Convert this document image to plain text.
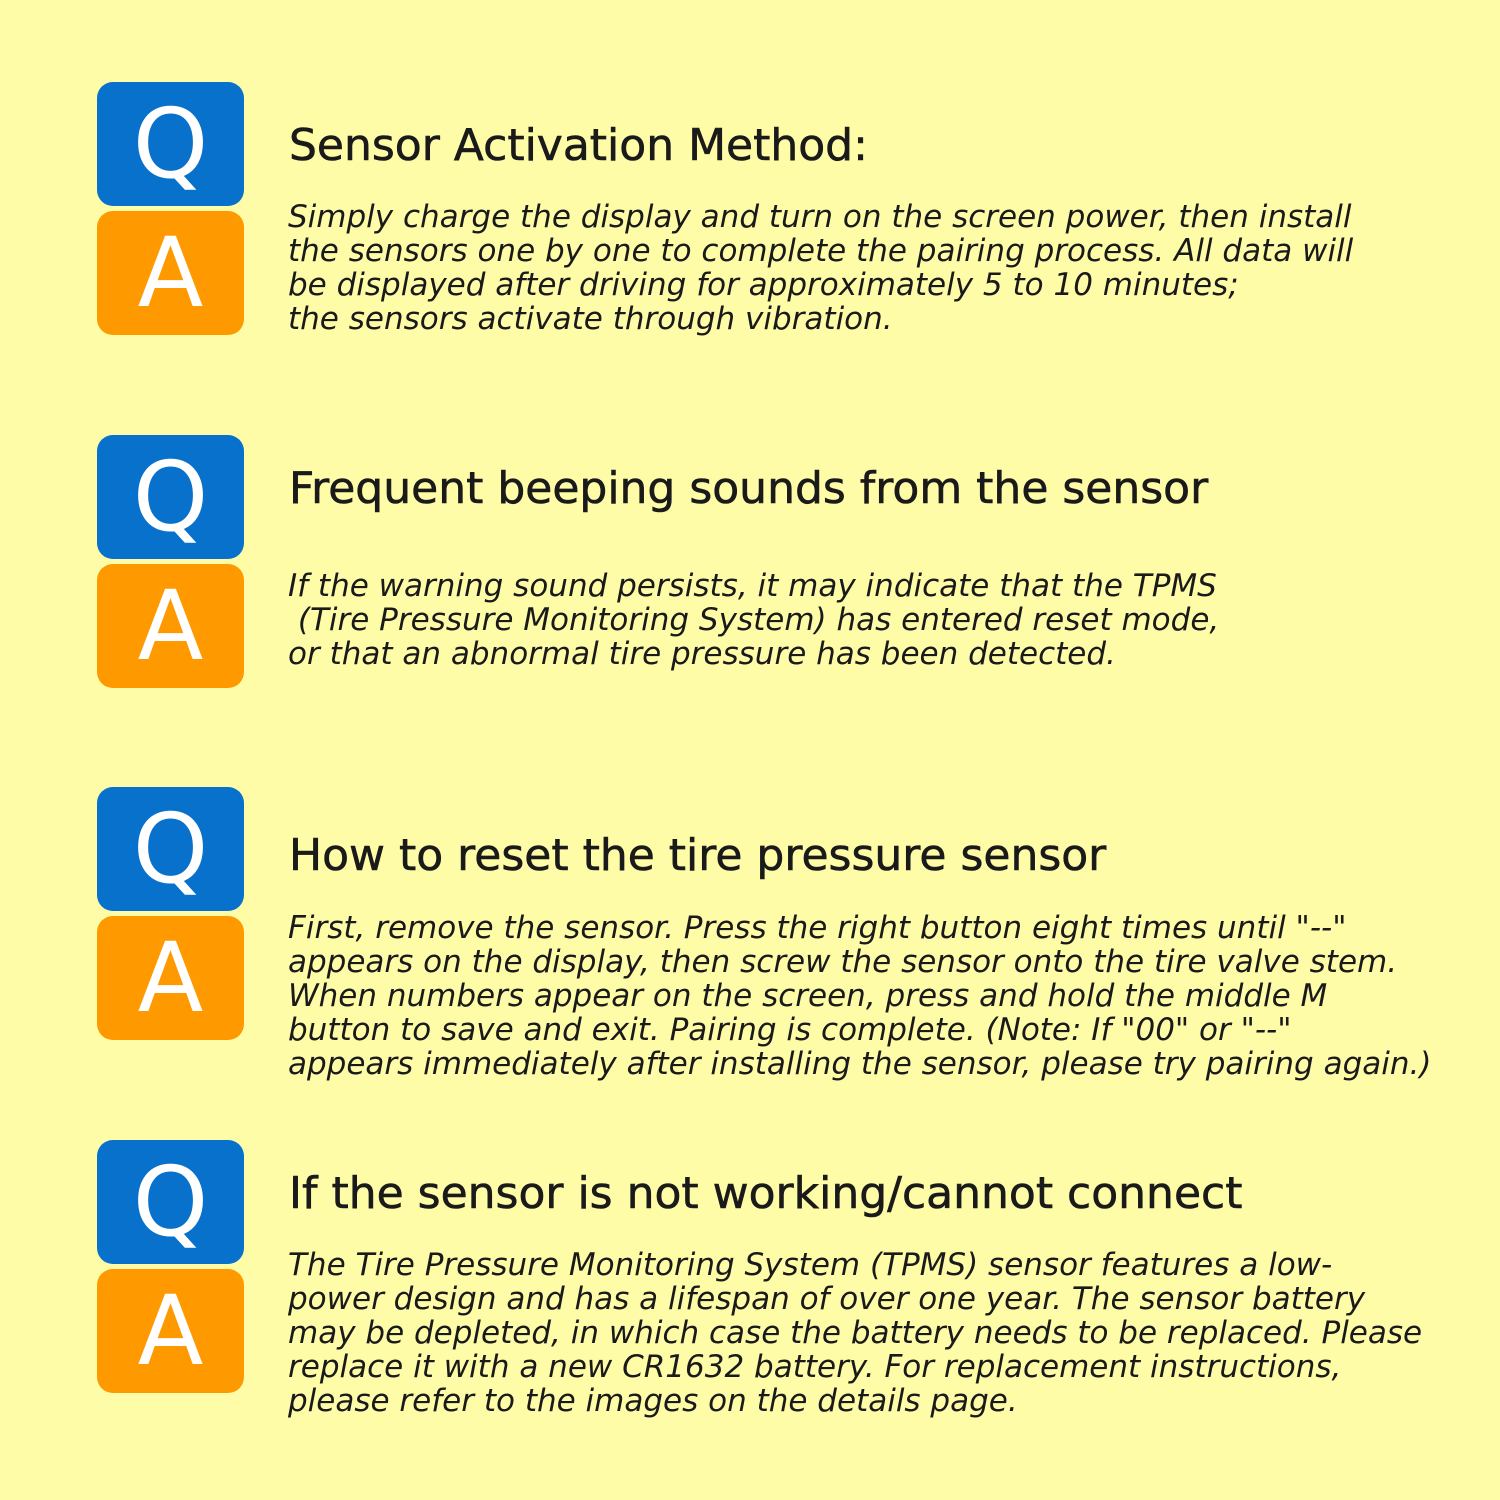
Q
A
Sensor Activation Method:

Simply charge the display and turn on the screen power, then install
the sensors one by one to complete the pairing process. All data will
be displayed after driving for approximately 5 to 10 minutes;
the sensors activate through vibration.

Q
A
Frequent beeping sounds from the sensor

If the warning sound persists, it may indicate that the TPMS
(Tire Pressure Monitoring System) has entered reset mode,
or that an abnormal tire pressure has been detected.

Q
A
How to reset the tire pressure sensor

First, remove the sensor. Press the right button eight times until "--"
appears on the display, then screw the sensor onto the tire valve stem.
When numbers appear on the screen, press and hold the middle M
button to save and exit. Pairing is complete. (Note: If "00" or "--"
appears immediately after installing the sensor, please try pairing again.)

Q
A
If the sensor is not working/cannot connect

The Tire Pressure Monitoring System (TPMS) sensor features a low-
power design and has a lifespan of over one year. The sensor battery
may be depleted, in which case the battery needs to be replaced. Please
replace it with a new CR1632 battery. For replacement instructions,
please refer to the images on the details page.
